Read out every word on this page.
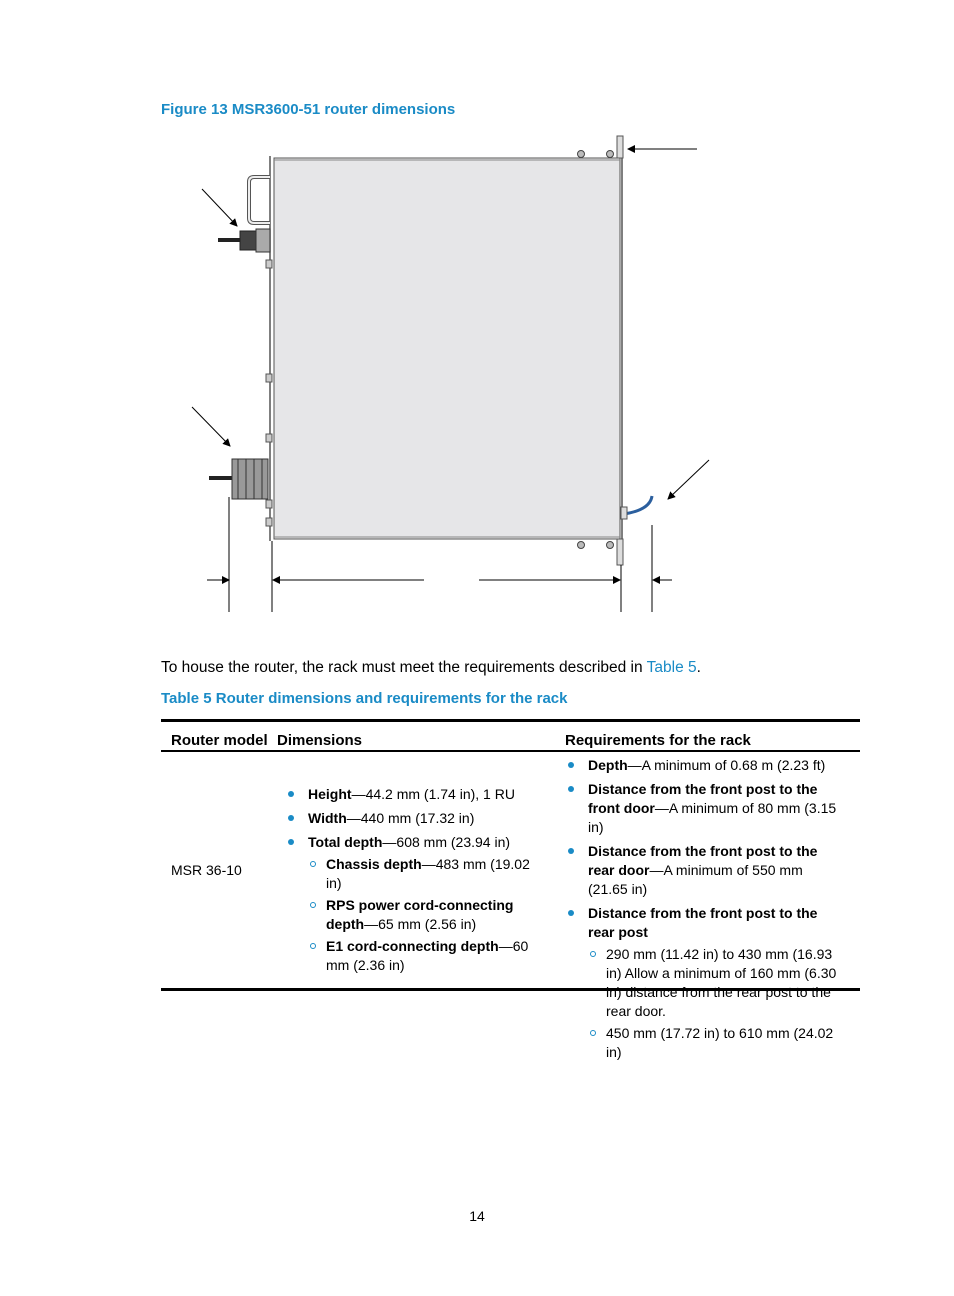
Figure 13 MSR3600-51 router dimensions
To house the router, the rack must meet the requirements described in Table 5.
Table 5 Router dimensions and requirements for the rack
Router model Dimensions	Requirements for the rack
MSR 36-10
Height—44.2 mm (1.74 in), 1 RU
Width—440 mm (17.32 in)
Total depth—608 mm (23.94 in)
Chassis depth—483 mm (19.02 in)
RPS power cord-connecting depth—65 mm (2.56 in)
E1 cord-connecting depth—60 mm (2.36 in)
Depth—A minimum of 0.68 m (2.23 ft)
Distance from the front post to the front door—A minimum of 80 mm (3.15 in)
Distance from the front post to the rear door—A minimum of 550 mm (21.65 in)
Distance from the front post to the rear post
290 mm (11.42 in) to 430 mm (16.93 in) Allow a minimum of 160 mm (6.30 in) distance from the rear post to the rear door.
450 mm (17.72 in) to 610 mm (24.02 in)
14
